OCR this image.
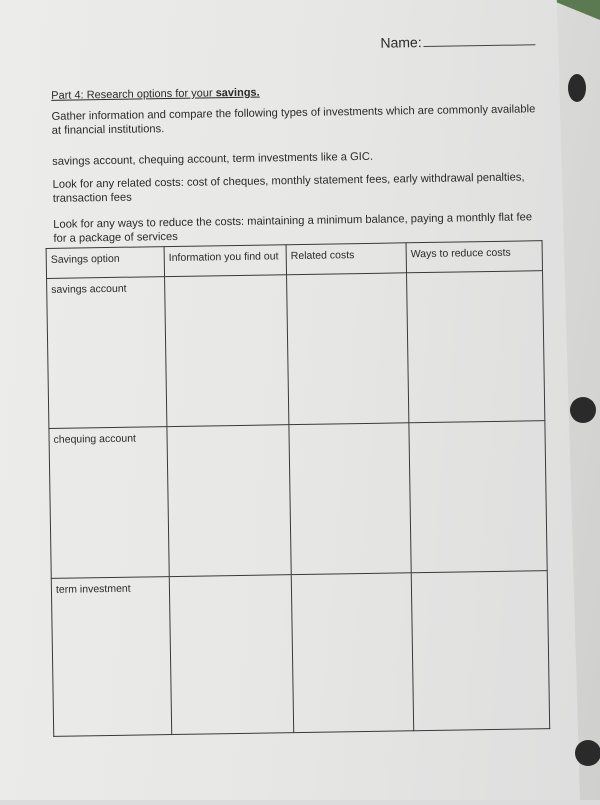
Name:
Part 4: Research options for your savings.
Gather information and compare the following types of investments which are commonly available at financial institutions.
savings account, chequing account, term investments like a GIC.
Look for any related costs: cost of cheques, monthly statement fees, early withdrawal penalties, transaction fees
Look for any ways to reduce the costs: maintaining a minimum balance, paying a monthly flat fee for a package of services
Savings option	Information you find out	Related costs	Ways to reduce costs
savings account			
chequing account			
term investment			
